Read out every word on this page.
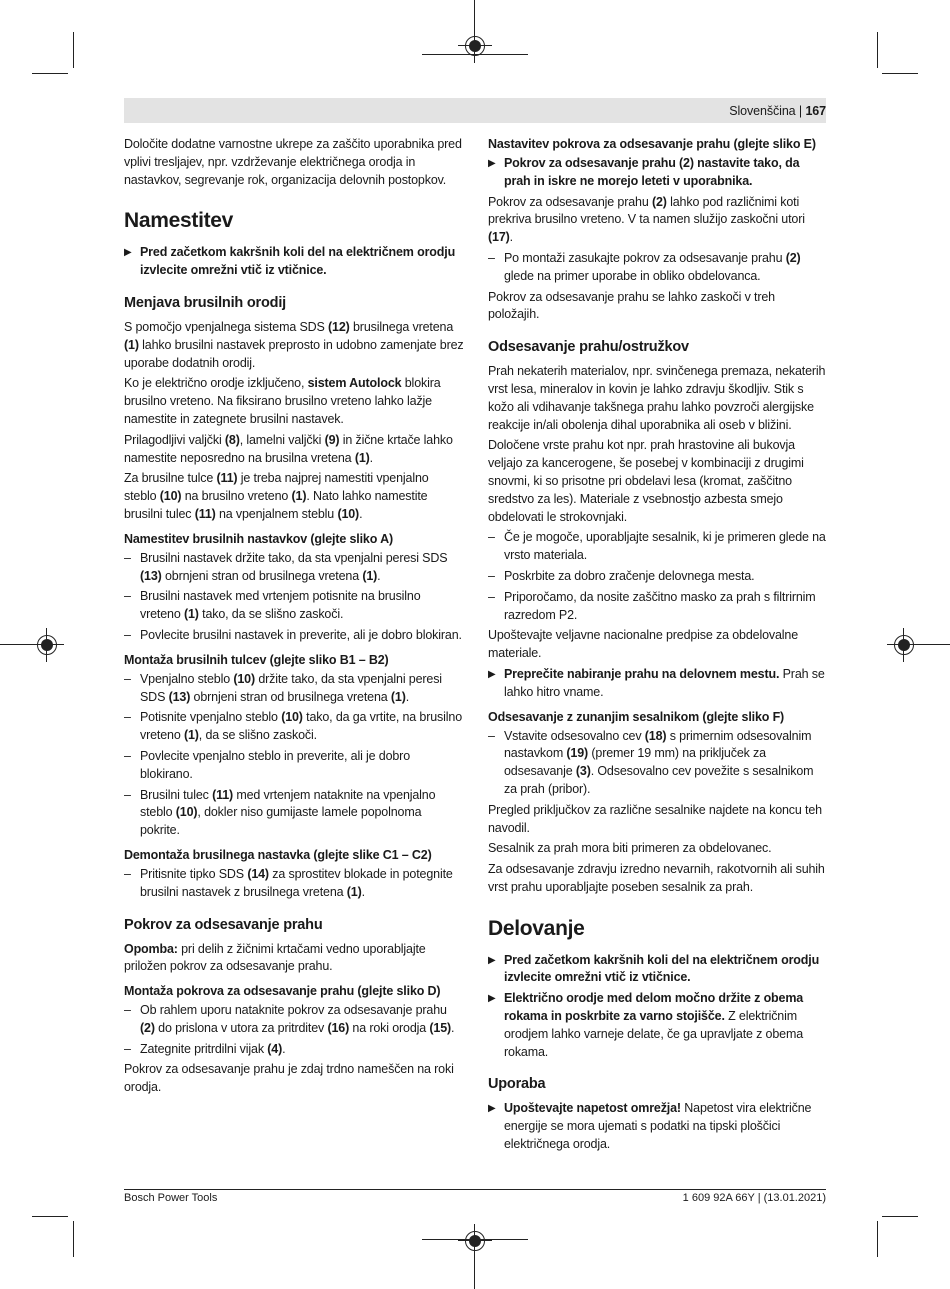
Slovenščina | 167

Določite dodatne varnostne ukrepe za zaščito uporabnika pred vplivi tresljajev, npr. vzdrževanje električnega orodja in nastavkov, segrevanje rok, organizacija delovnih postopkov.

Namestitev
▶ Pred začetkom kakršnih koli del na električnem orodju izvlecite omrežni vtič iz vtičnice.
Menjava brusilnih orodij

S pomočjo vpenjalnega sistema SDS (12) brusilnega vretena (1) lahko brusilni nastavek preprosto in udobno zamenjate brez uporabe dodatnih orodij.

Ko je električno orodje izključeno, sistem Autolock blokira brusilno vreteno. Na fiksirano brusilno vreteno lahko lažje namestite in zategnete brusilni nastavek.

Prilagodljivi valjčki (8), lamelni valjčki (9) in žične krtače lahko namestite neposredno na brusilna vretena (1).

Za brusilne tulce (11) je treba najprej namestiti vpenjalno steblo (10) na brusilno vreteno (1). Nato lahko namestite brusilni tulec (11) na vpenjalnem steblu (10).

Namestitev brusilnih nastavkov (glejte sliko A)
– Brusilni nastavek držite tako, da sta vpenjalni peresi SDS (13) obrnjeni stran od brusilnega vretena (1).
– Brusilni nastavek med vrtenjem potisnite na brusilno vreteno (1) tako, da se slišno zaskoči.
– Povlecite brusilni nastavek in preverite, ali je dobro blokiran.
Montaža brusilnih tulcev (glejte sliko B1 – B2)
– Vpenjalno steblo (10) držite tako, da sta vpenjalni peresi SDS (13) obrnjeni stran od brusilnega vretena (1).
– Potisnite vpenjalno steblo (10) tako, da ga vrtite, na brusilno vreteno (1), da se slišno zaskoči.
– Povlecite vpenjalno steblo in preverite, ali je dobro blokirano.
– Brusilni tulec (11) med vrtenjem nataknite na vpenjalno steblo (10), dokler niso gumijaste lamele popolnoma pokrite.
Demontaža brusilnega nastavka (glejte slike C1 – C2)
– Pritisnite tipko SDS (14) za sprostitev blokade in potegnite brusilni nastavek z brusilnega vretena (1).
Pokrov za odsesavanje prahu

Opomba: pri delih z žičnimi krtačami vedno uporabljajte priložen pokrov za odsesavanje prahu.

Montaža pokrova za odsesavanje prahu (glejte sliko D)
– Ob rahlem uporu nataknite pokrov za odsesavanje prahu (2) do prislona v utora za pritrditev (16) na roki orodja (15).
– Zategnite pritrdilni vijak (4).

Pokrov za odsesavanje prahu je zdaj trdno nameščen na roki orodja.

Nastavitev pokrova za odsesavanje prahu (glejte sliko E)
▶ Pokrov za odsesavanje prahu (2) nastavite tako, da prah in iskre ne morejo leteti v uporabnika.

Pokrov za odsesavanje prahu (2) lahko pod različnimi koti prekriva brusilno vreteno. V ta namen služijo zaskočni utori (17).

– Po montaži zasukajte pokrov za odsesavanje prahu (2) glede na primer uporabe in obliko obdelovanca.

Pokrov za odsesavanje prahu se lahko zaskoči v treh položajih.

Odsesavanje prahu/ostružkov

Prah nekaterih materialov, npr. svinčenega premaza, nekaterih vrst lesa, mineralov in kovin je lahko zdravju škodljiv. Stik s kožo ali vdihavanje takšnega prahu lahko povzroči alergijske reakcije in/ali obolenja dihal uporabnika ali oseb v bližini.

Določene vrste prahu kot npr. prah hrastovine ali bukovja veljajo za kancerogene, še posebej v kombinaciji z drugimi snovmi, ki so prisotne pri obdelavi lesa (kromat, zaščitno sredstvo za les). Materiale z vsebnostjo azbesta smejo obdelovati le strokovnjaki.

– Če je mogoče, uporabljajte sesalnik, ki je primeren glede na vrsto materiala.
– Poskrbite za dobro zračenje delovnega mesta.
– Priporočamo, da nosite zaščitno masko za prah s filtrirnim razredom P2.

Upoštevajte veljavne nacionalne predpise za obdelovalne materiale.

▶ Preprečite nabiranje prahu na delovnem mestu. Prah se lahko hitro vname.
Odsesavanje z zunanjim sesalnikom (glejte sliko F)
– Vstavite odsesovalno cev (18) s primernim odsesovalnim nastavkom (19) (premer 19 mm) na priključek za odsesavanje (3). Odsesovalno cev povežite s sesalnikom za prah (pribor).

Pregled priključkov za različne sesalnike najdete na koncu teh navodil.

Sesalnik za prah mora biti primeren za obdelovanec.

Za odsesavanje zdravju izredno nevarnih, rakotvornih ali suhih vrst prahu uporabljajte poseben sesalnik za prah.

Delovanje
▶ Pred začetkom kakršnih koli del na električnem orodju izvlecite omrežni vtič iz vtičnice.
▶ Električno orodje med delom močno držite z obema rokama in poskrbite za varno stojišče. Z električnim orodjem lahko varneje delate, če ga upravljate z obema rokama.
Uporaba
▶ Upoštevajte napetost omrežja! Napetost vira električne energije se mora ujemati s podatki na tipski ploščici električnega orodja.
Bosch Power Tools	1 609 92A 66Y | (13.01.2021)
